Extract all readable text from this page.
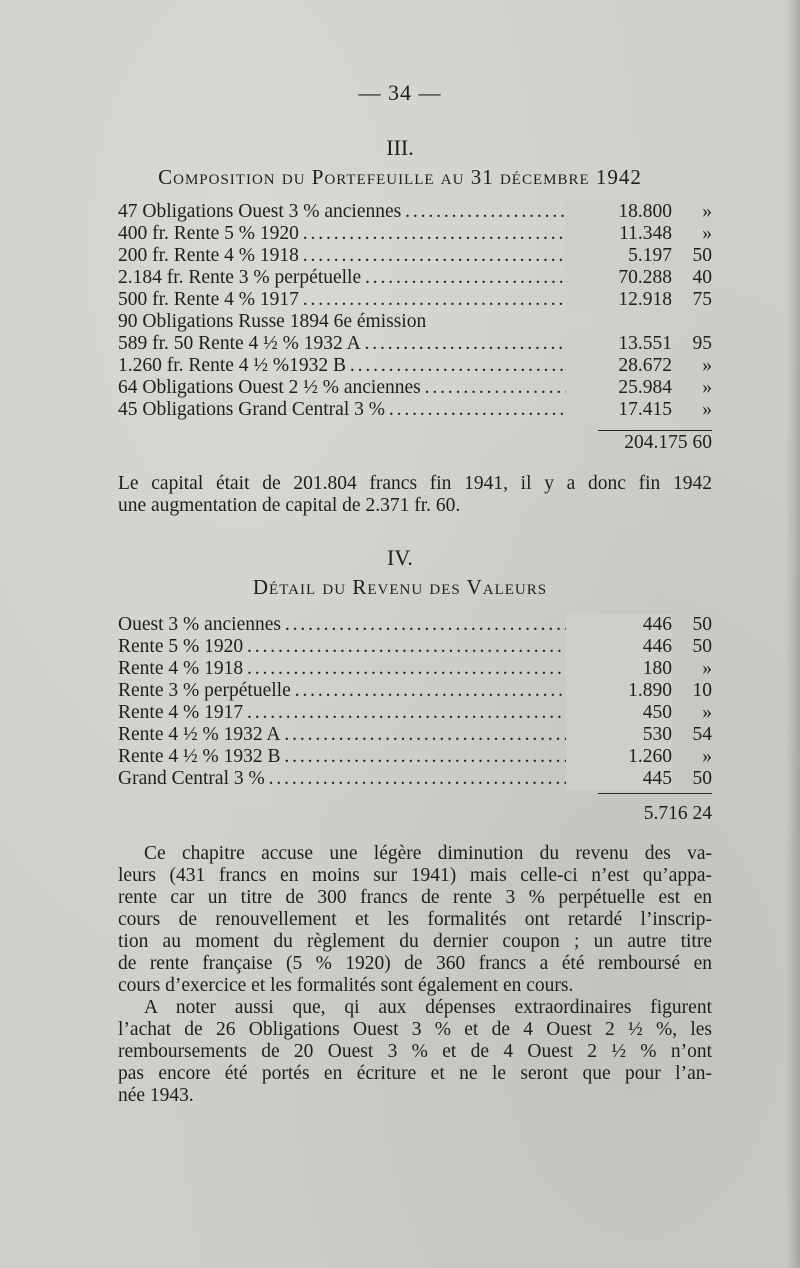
— 34 —
III.
Composition du Portefeuille au 31 décembre 1942
47 Obligations Ouest 3 % anciennes . . .	18.800	»
400 fr. Rente 5 % 1920 . . .	11.348	»
200 fr. Rente 4 % 1918 . . .	5.197	50
2.184 fr. Rente 3 % perpétuelle . . .	70.288	40
500 fr. Rente 4 % 1917 . . .	12.918	75
90 Obligations Russe 1894 6e émission
589 fr. 50 Rente 4 ½ % 1932 A . . .	13.551	95
1.260 fr. Rente 4 ½ %1932 B . . .	28.672	»
64 Obligations Ouest 2 ½ % anciennes . . .	25.984	»
45 Obligations Grand Central 3 % . . .	17.415	»
204.175 60
Le capital était de 201.804 francs fin 1941, il y a donc fin 1942
une augmentation de capital de 2.371 fr. 60.
IV.
Détail du Revenu des Valeurs
Ouest 3 % anciennes . . .	446	50
Rente 5 % 1920 . . .	446	50
Rente 4 % 1918 . . .	180	»
Rente 3 % perpétuelle . . .	1.890	10
Rente 4 % 1917 . . .	450	»
Rente 4 ½ % 1932 A . . .	530	54
Rente 4 ½ % 1932 B . . .	1.260	»
Grand Central 3 % . . .	445	50
5.716 24
Ce chapitre accuse une légère diminution du revenu des va-
leurs (431 francs en moins sur 1941) mais celle-ci n’est qu’appa-
rente car un titre de 300 francs de rente 3 % perpétuelle est en
cours de renouvellement et les formalités ont retardé l’inscrip-
tion au moment du règlement du dernier coupon ; un autre titre
de rente française (5 % 1920) de 360 francs a été remboursé en
cours d’exercice et les formalités sont également en cours.
A noter aussi que, qi aux dépenses extraordinaires figurent
l’achat de 26 Obligations Ouest 3 % et de 4 Ouest 2 ½ %, les
remboursements de 20 Ouest 3 % et de 4 Ouest 2 ½ % n’ont
pas encore été portés en écriture et ne le seront que pour l’an-
née 1943.
